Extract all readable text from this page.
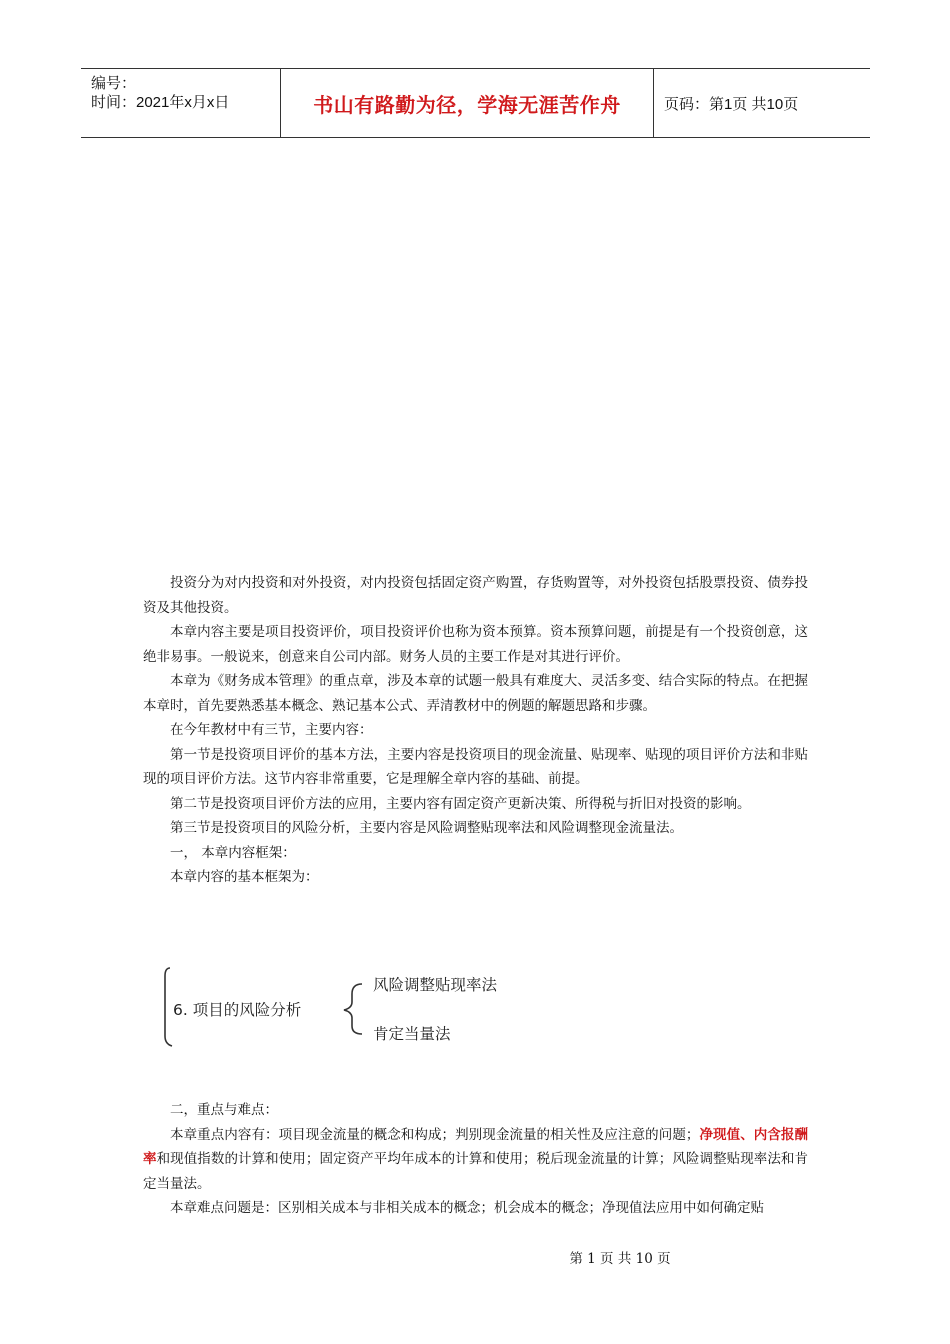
编号：
时间：2021年x月x日	书山有路勤为径，学海无涯苦作舟	页码：第1页 共10页

投资分为对内投资和对外投资，对内投资包括固定资产购置，存货购置等，对外投资包括股票投资、债券投资及其他投资。

本章内容主要是项目投资评价，项目投资评价也称为资本预算。资本预算问题，前提是有一个投资创意，这绝非易事。一般说来，创意来自公司内部。财务人员的主要工作是对其进行评价。

本章为《财务成本管理》的重点章，涉及本章的试题一般具有难度大、灵活多变、结合实际的特点。在把握本章时，首先要熟悉基本概念、熟记基本公式、弄清教材中的例题的解题思路和步骤。

在今年教材中有三节，主要内容：

第一节是投资项目评价的基本方法，主要内容是投资项目的现金流量、贴现率、贴现的项目评价方法和非贴现的项目评价方法。这节内容非常重要，它是理解全章内容的基础、前提。

第二节是投资项目评价方法的应用，主要内容有固定资产更新决策、所得税与折旧对投资的影响。

第三节是投资项目的风险分析，主要内容是风险调整贴现率法和风险调整现金流量法。

一， 本章内容框架：

本章内容的基本框架为：

6. 项目的风险分析
风险调整贴现率法
肯定当量法

二，重点与难点：

本章重点内容有：项目现金流量的概念和构成；判别现金流量的相关性及应注意的问题；净现值、内含报酬率和现值指数的计算和使用；固定资产平均年成本的计算和使用；税后现金流量的计算；风险调整贴现率法和肯定当量法。

本章难点问题是：区别相关成本与非相关成本的概念；机会成本的概念；净现值法应用中如何确定贴

第 1 页 共 10 页
